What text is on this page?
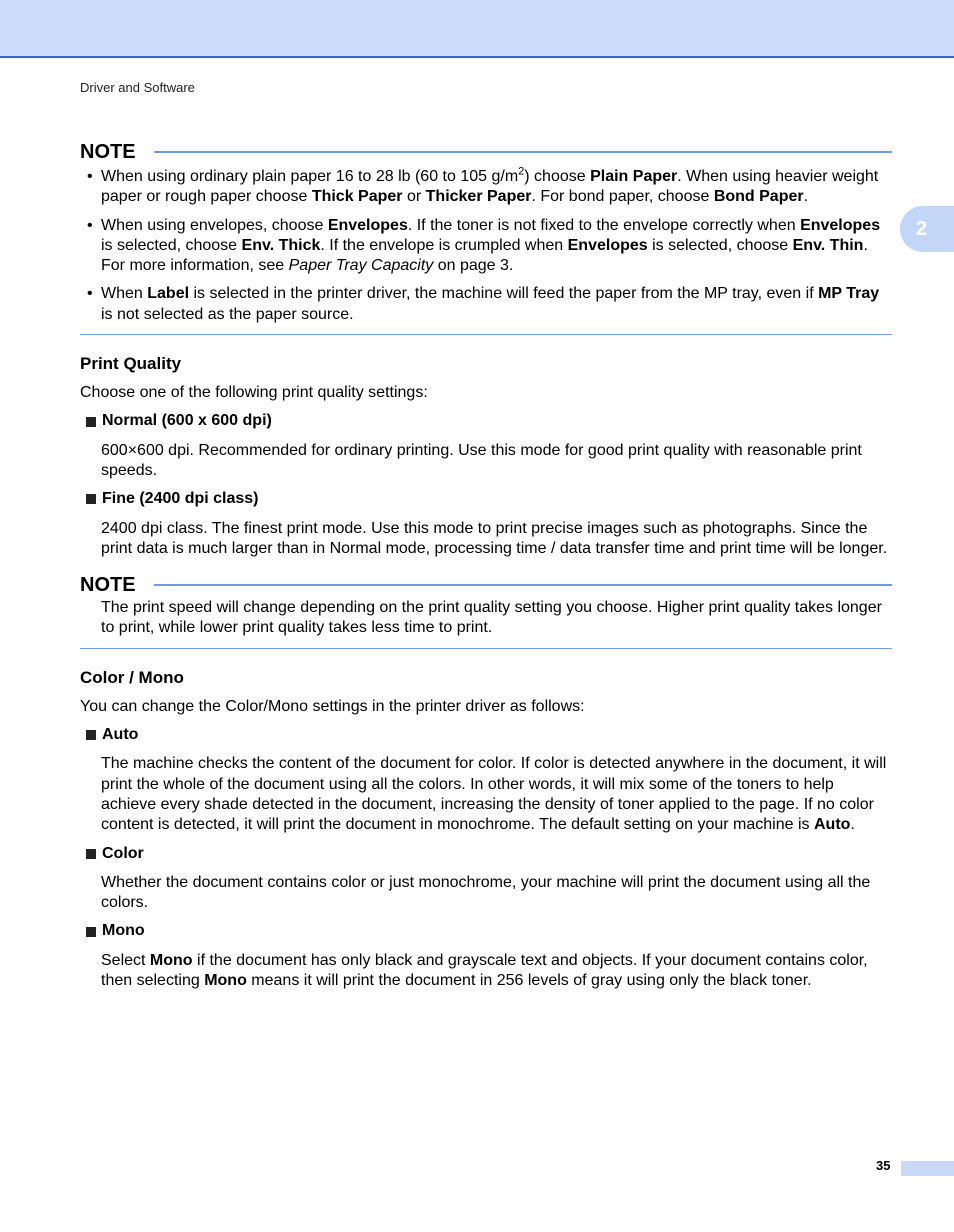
Driver and Software
2
NOTE
• When using ordinary plain paper 16 to 28 lb (60 to 105 $g/m^2$) choose Plain Paper. When using heavier weight paper or rough paper choose Thick Paper or Thicker Paper. For bond paper, choose Bond Paper.
• When using envelopes, choose Envelopes. If the toner is not fixed to the envelope correctly when Envelopes is selected, choose Env. Thick. If the envelope is crumpled when Envelopes is selected, choose Env. Thin. For more information, see Paper Tray Capacity on page 3.
• When Label is selected in the printer driver, the machine will feed the paper from the MP tray, even if MP Tray is not selected as the paper source.
Print Quality

Choose one of the following print quality settings:

Normal (600 x 600 dpi)

600×600 dpi. Recommended for ordinary printing. Use this mode for good print quality with reasonable print speeds.

Fine (2400 dpi class)

2400 dpi class. The finest print mode. Use this mode to print precise images such as photographs. Since the print data is much larger than in Normal mode, processing time / data transfer time and print time will be longer.

NOTE

The print speed will change depending on the print quality setting you choose. Higher print quality takes longer to print, while lower print quality takes less time to print.

Color / Mono

You can change the Color/Mono settings in the printer driver as follows:

Auto

The machine checks the content of the document for color. If color is detected anywhere in the document, it will print the whole of the document using all the colors. In other words, it will mix some of the toners to help achieve every shade detected in the document, increasing the density of toner applied to the page. If no color content is detected, it will print the document in monochrome. The default setting on your machine is Auto.

Color

Whether the document contains color or just monochrome, your machine will print the document using all the colors.

Mono

Select Mono if the document has only black and grayscale text and objects. If your document contains color, then selecting Mono means it will print the document in 256 levels of gray using only the black toner.

35
